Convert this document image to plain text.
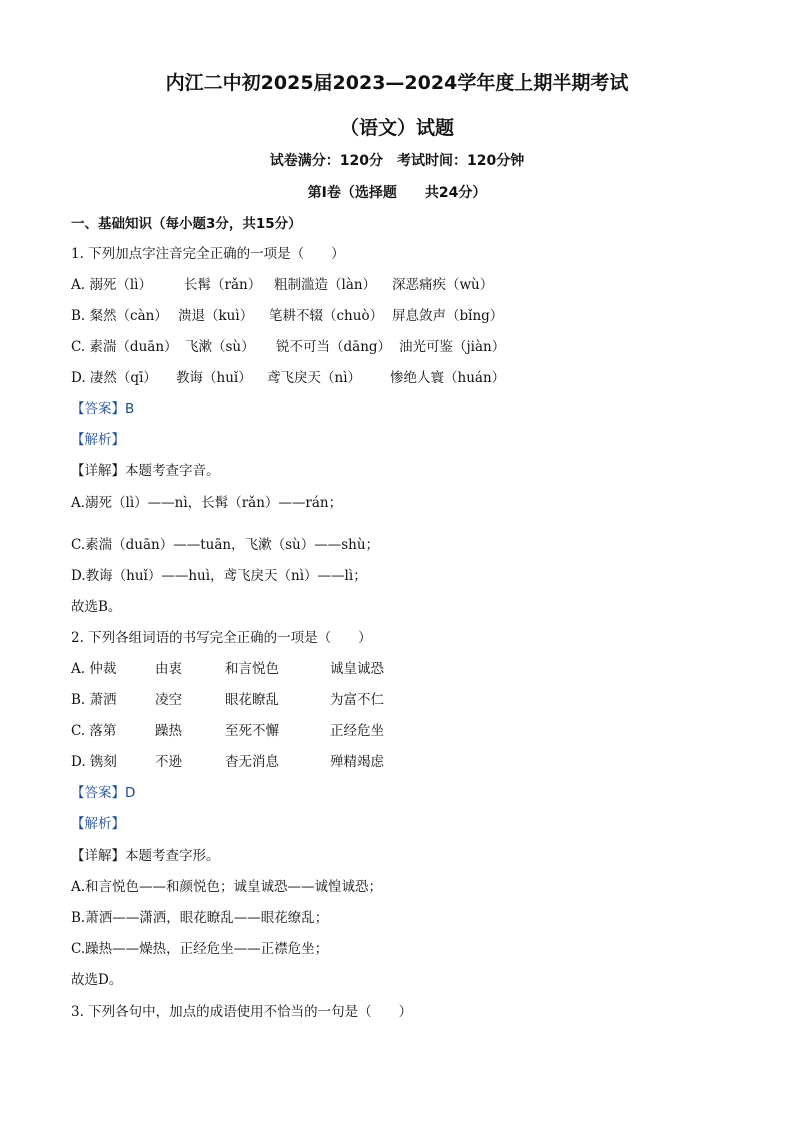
内江二中初2025届2023—2024学年度上期半期考试
（语文）试题
试卷满分：120分　考试时间：120分钟
第Ⅰ卷（选择题　　共24分）
一、基础知识（每小题3分，共15分）
1. 下列加点字注音完全正确的一项是（　　）
A. 溺死（lì） 长髯（rǎn） 粗制滥造（làn） 深恶痛疾（wù）
B. 粲然（càn） 溃退（kuì） 笔耕不辍（chuò） 屏息敛声（bǐng）
C. 素湍（duān） 飞漱（sù） 锐不可当（dāng） 油光可鉴（jiàn）
D. 凄然（qī） 教诲（huǐ） 鸢飞戾天（nì） 惨绝人寰（huán）
【答案】B
【解析】
【详解】本题考查字音。
A.溺死（lì）——nì，长髯（rǎn）——rán；
C.素湍（duān）——tuān，飞漱（sù）——shù；
D.教诲（huǐ）——huì，鸢飞戾天（nì）——lì；
故选B。
2. 下列各组词语的书写完全正确的一项是（　　）
A. 仲裁	由衷	和言悦色	诚皇诚恐
B. 萧洒	凌空	眼花瞭乱	为富不仁
C. 落第	躁热	至死不懈	正经危坐
D. 镌刻	不逊	杳无消息	殚精竭虑
【答案】D
【解析】
【详解】本题考查字形。
A.和言悦色——和颜悦色；诚皇诚恐——诚惶诚恐；
B.萧洒——潇洒，眼花瞭乱——眼花缭乱；
C.躁热——燥热，正经危坐——正襟危坐；
故选D。
3. 下列各句中，加点的成语使用不恰当的一句是（　　）
